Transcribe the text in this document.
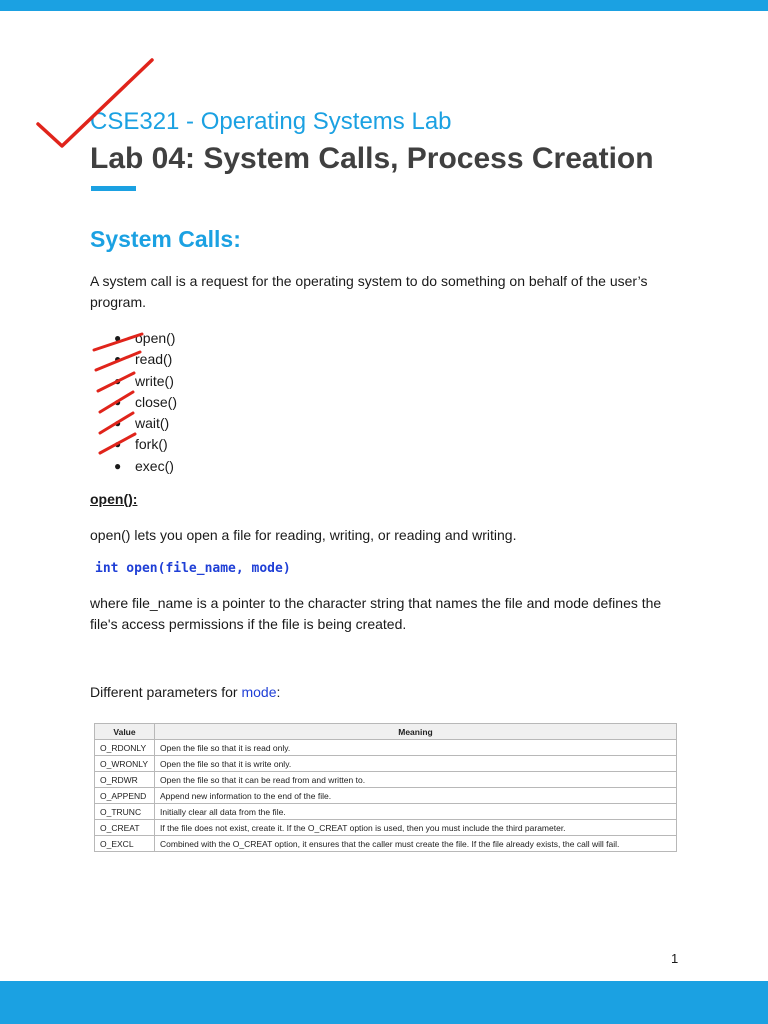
CSE321 - Operating Systems Lab
Lab 04: System Calls, Process Creation
System Calls:
A system call is a request for the operating system to do something on behalf of the user’s program.
● open()
● read()
● write()
● close()
● wait()
● fork()
● exec()
open():
open() lets you open a file for reading, writing, or reading and writing.
int open(file_name, mode)
where file_name is a pointer to the character string that names the file and mode defines the file's access permissions if the file is being created.
Different parameters for mode:
Value	Meaning
O_RDONLY	Open the file so that it is read only.
O_WRONLY	Open the file so that it is write only.
O_RDWR	Open the file so that it can be read from and written to.
O_APPEND	Append new information to the end of the file.
O_TRUNC	Initially clear all data from the file.
O_CREAT	If the file does not exist, create it. If the O_CREAT option is used, then you must include the third parameter.
O_EXCL	Combined with the O_CREAT option, it ensures that the caller must create the file. If the file already exists, the call will fail.
1
